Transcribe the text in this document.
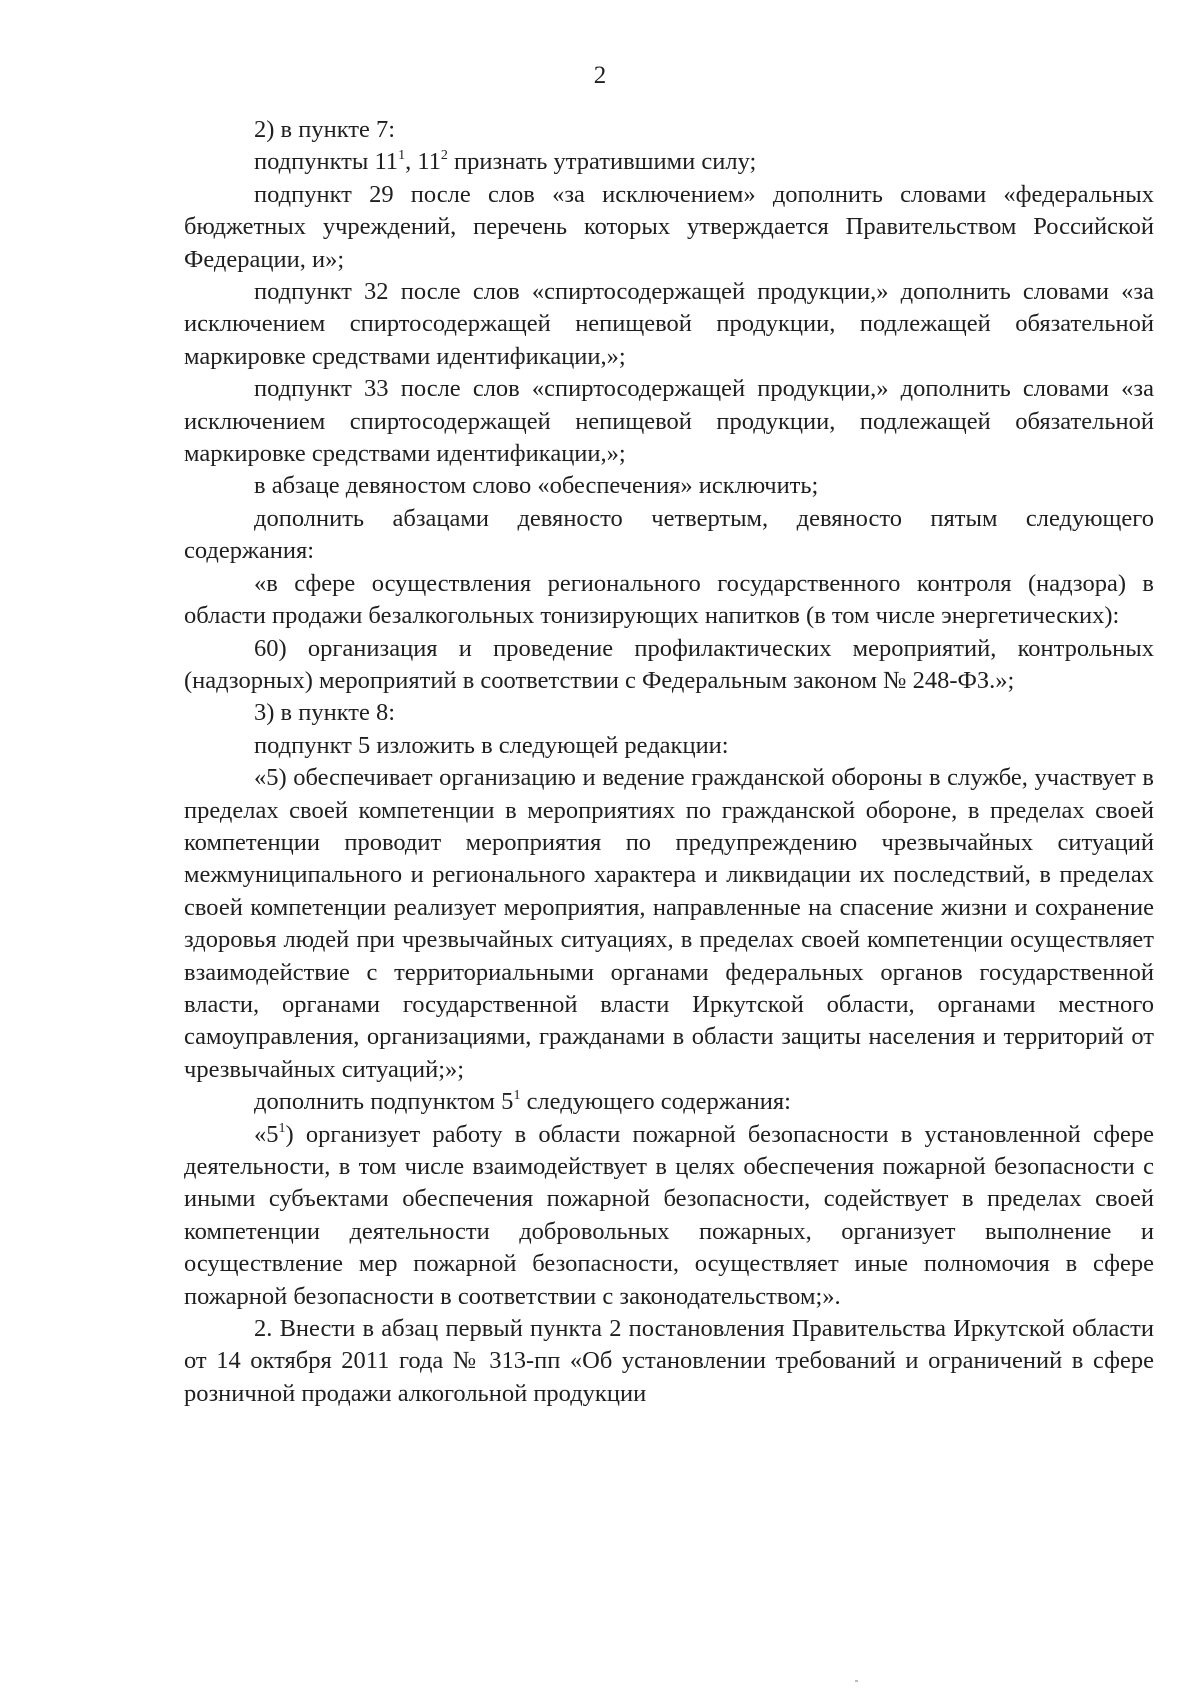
2

2) в пункте 7:

подпункты $11^1$, $11^2$ признать утратившими силу;

подпункт 29 после слов «за исключением» дополнить словами «федеральных бюджетных учреждений, перечень которых утверждается Правительством Российской Федерации, и»;

подпункт 32 после слов «спиртосодержащей продукции,» дополнить словами «за исключением спиртосодержащей непищевой продукции, подлежащей обязательной маркировке средствами идентификации,»;

подпункт 33 после слов «спиртосодержащей продукции,» дополнить словами «за исключением спиртосодержащей непищевой продукции, подлежащей обязательной маркировке средствами идентификации,»;

в абзаце девяностом слово «обеспечения» исключить;

дополнить абзацами девяносто четвертым, девяносто пятым следующего содержания:

«в сфере осуществления регионального государственного контроля (надзора) в области продажи безалкогольных тонизирующих напитков (в том числе энергетических):

60) организация и проведение профилактических мероприятий, контрольных (надзорных) мероприятий в соответствии с Федеральным законом № 248-ФЗ.»;

3) в пункте 8:

подпункт 5 изложить в следующей редакции:

«5) обеспечивает организацию и ведение гражданской обороны в службе, участвует в пределах своей компетенции в мероприятиях по гражданской обороне, в пределах своей компетенции проводит мероприятия по предупреждению чрезвычайных ситуаций межмуниципального и регионального характера и ликвидации их последствий, в пределах своей компетенции реализует мероприятия, направленные на спасение жизни и сохранение здоровья людей при чрезвычайных ситуациях, в пределах своей компетенции осуществляет взаимодействие с территориальными органами федеральных органов государственной власти, органами государственной власти Иркутской области, органами местного самоуправления, организациями, гражданами в области защиты населения и территорий от чрезвычайных ситуаций;»;

дополнить подпунктом $5^1$ следующего содержания:

«$5^1$) организует работу в области пожарной безопасности в установленной сфере деятельности, в том числе взаимодействует в целях обеспечения пожарной безопасности с иными субъектами обеспечения пожарной безопасности, содействует в пределах своей компетенции деятельности добровольных пожарных, организует выполнение и осуществление мер пожарной безопасности, осуществляет иные полномочия в сфере пожарной безопасности в соответствии с законодательством;».

2. Внести в абзац первый пункта 2 постановления Правительства Иркутской области от 14 октября 2011 года № 313-пп «Об установлении требований и ограничений в сфере розничной продажи алкогольной продукции
